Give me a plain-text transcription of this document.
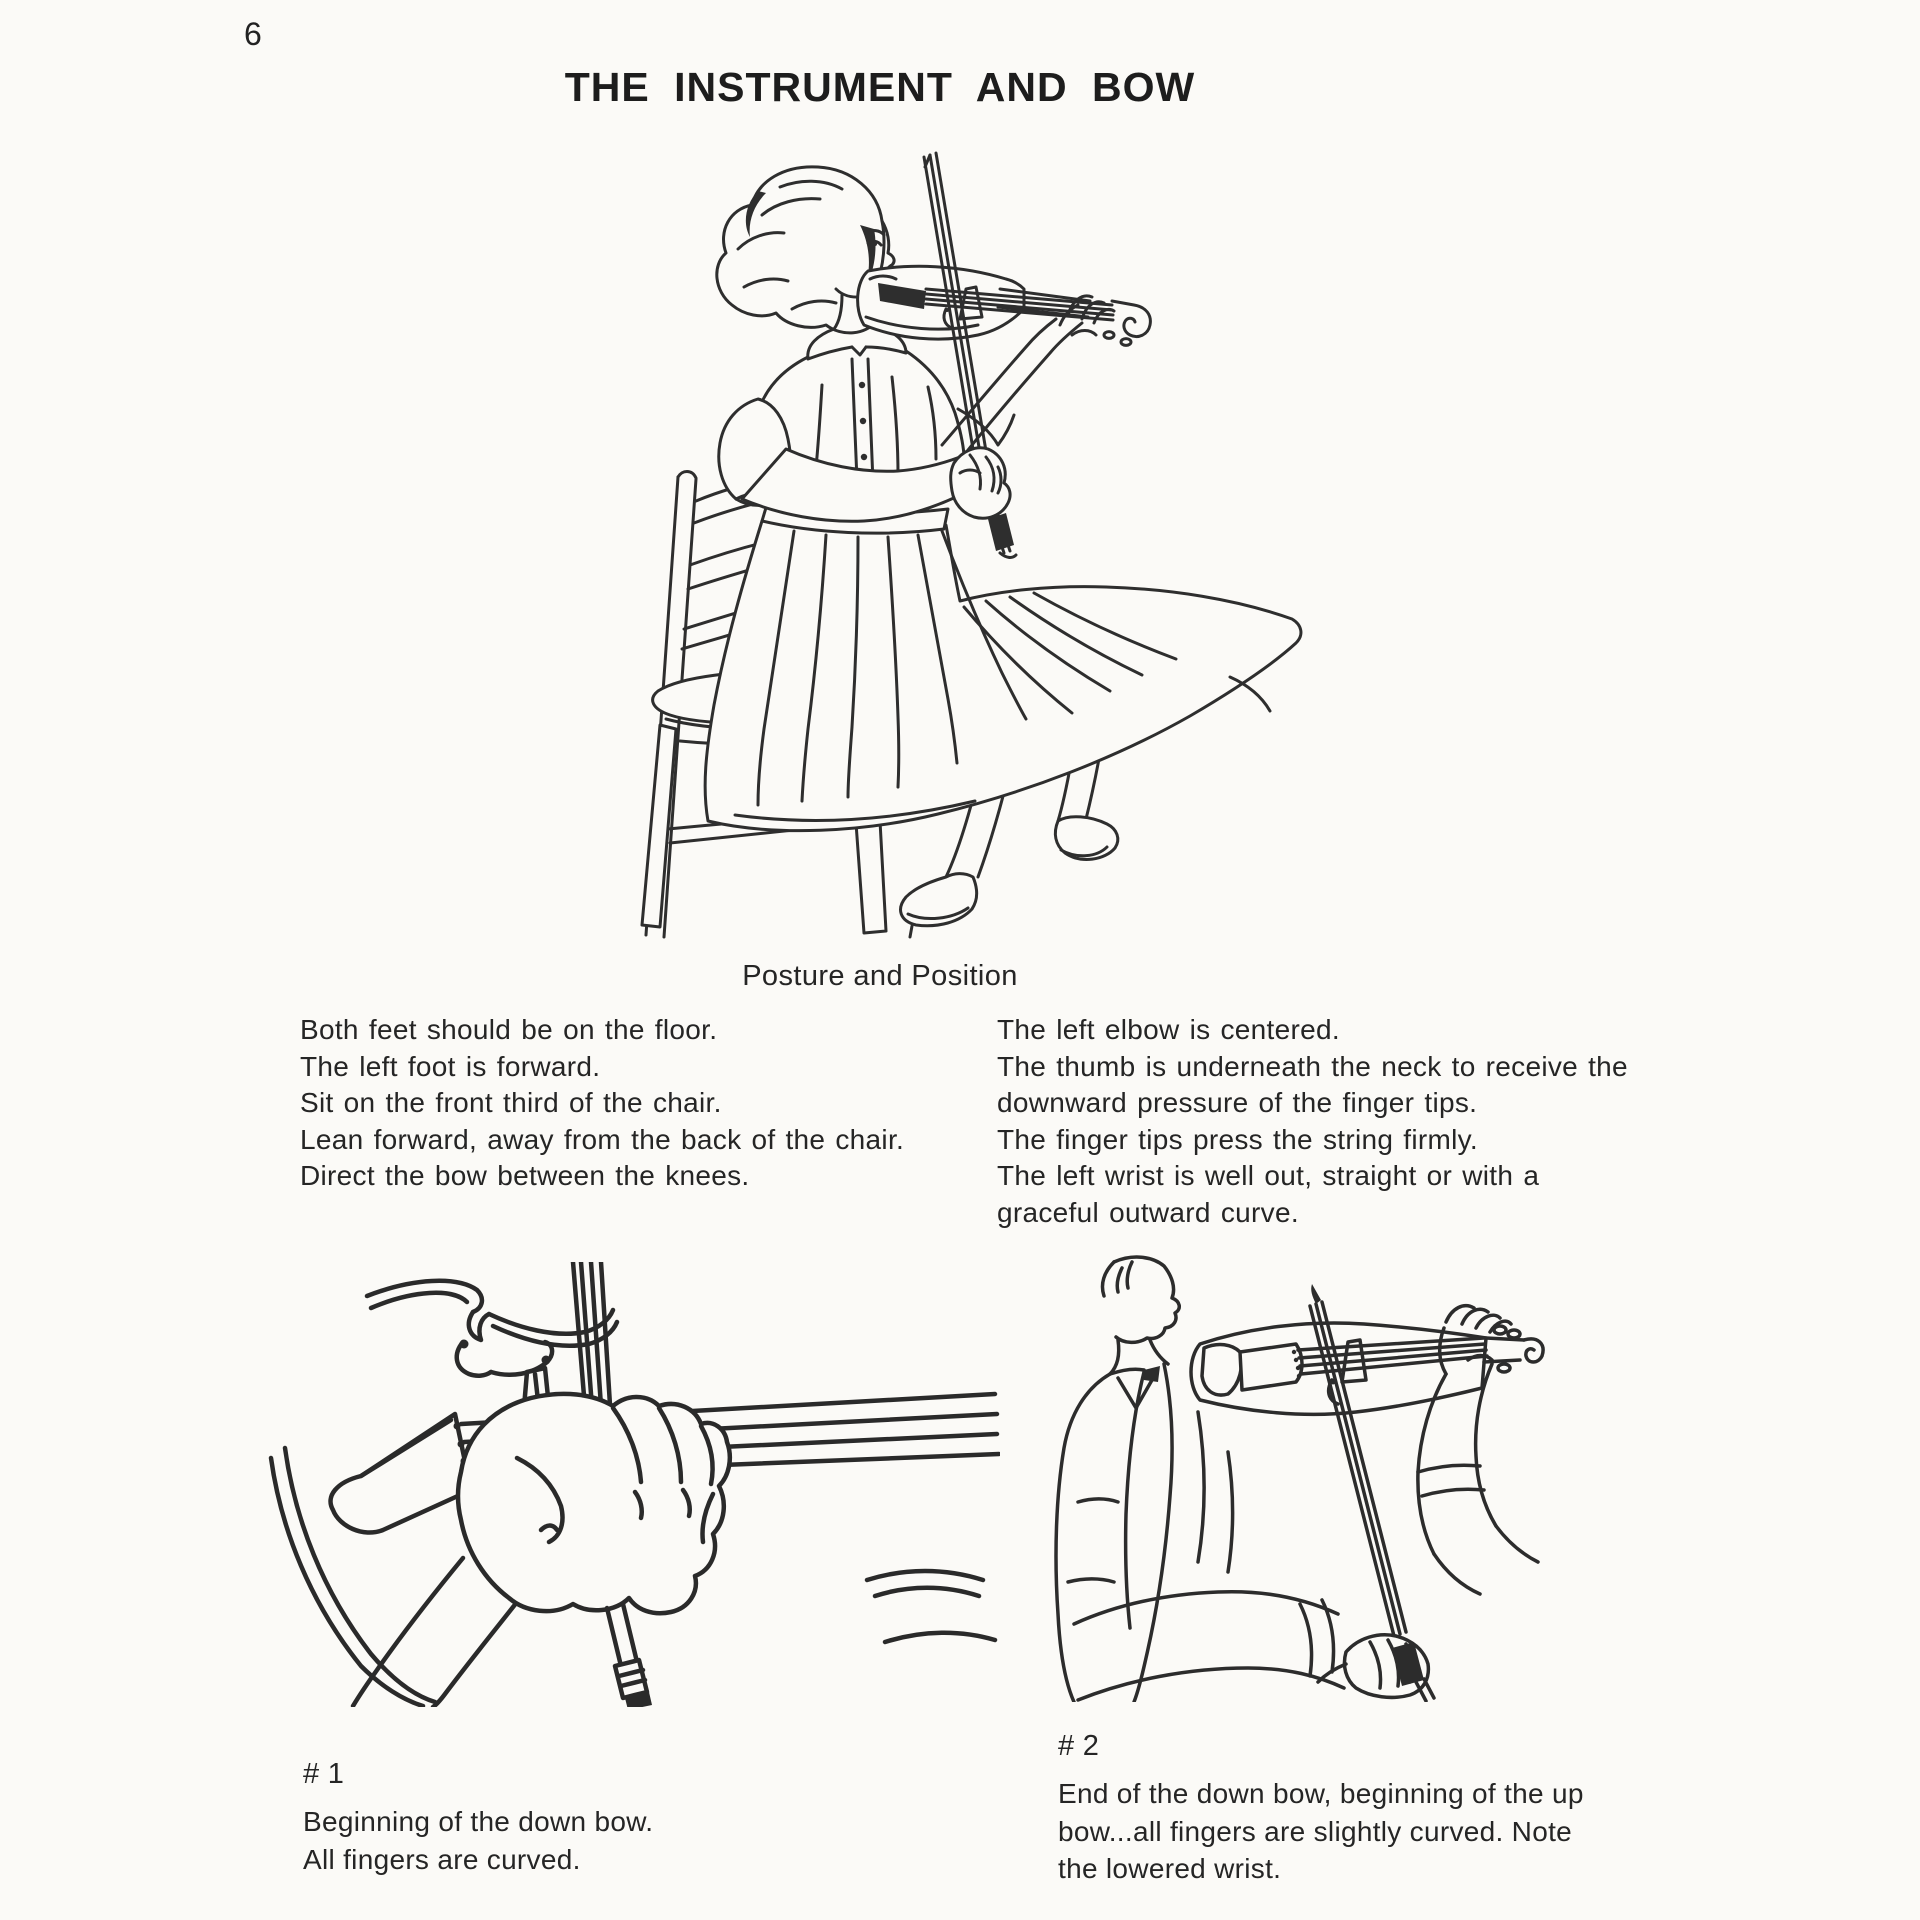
6
THE INSTRUMENT AND BOW
Posture and Position
Both feet should be on the floor.
The left foot is forward.
Sit on the front third of the chair.
Lean forward, away from the back of the chair.
Direct the bow between the knees.
The left elbow is centered.
The thumb is underneath the neck to receive the
downward pressure of the finger tips.
The finger tips press the string firmly.
The left wrist is well out, straight or with a
graceful outward curve.
# 1
Beginning of the down bow.
All fingers are curved.
# 2
End of the down bow, beginning of the up
bow...all fingers are slightly curved. Note
the lowered wrist.
